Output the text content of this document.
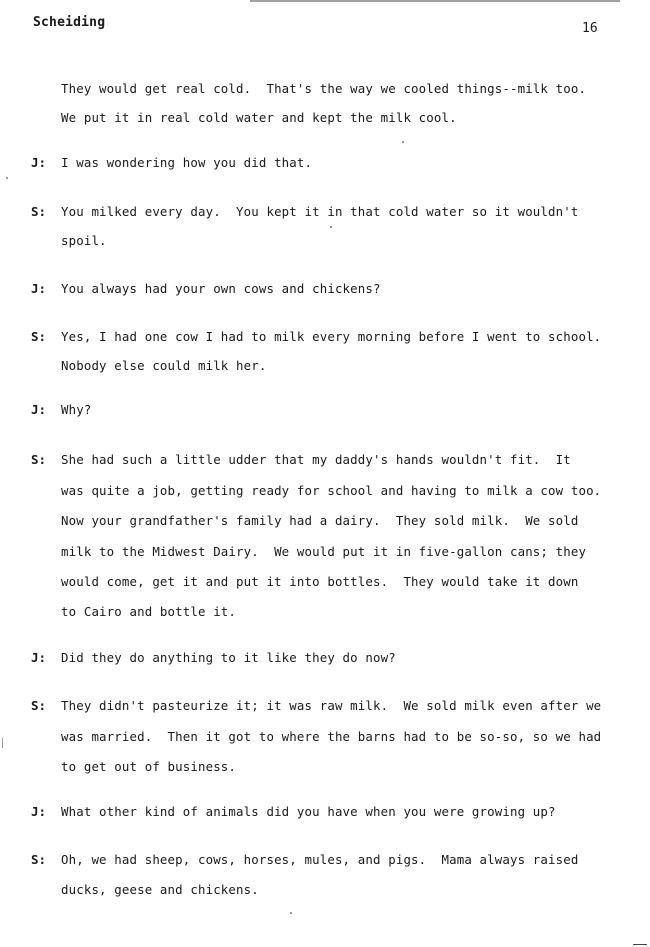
Scheiding	16
They would get real cold.  That's the way we cooled things--milk too.
We put it in real cold water and kept the milk cool.
J: I was wondering how you did that.
S: You milked every day.  You kept it in that cold water so it wouldn't
spoil.
J: You always had your own cows and chickens?
S: Yes, I had one cow I had to milk every morning before I went to school.
Nobody else could milk her.
J: Why?
S: She had such a little udder that my daddy's hands wouldn't fit.  It
was quite a job, getting ready for school and having to milk a cow too.
Now your grandfather's family had a dairy.  They sold milk.  We sold
milk to the Midwest Dairy.  We would put it in five-gallon cans; they
would come, get it and put it into bottles.  They would take it down
to Cairo and bottle it.
J: Did they do anything to it like they do now?
S: They didn't pasteurize it; it was raw milk.  We sold milk even after we
was married.  Then it got to where the barns had to be so-so, so we had
to get out of business.
J: What other kind of animals did you have when you were growing up?
S: Oh, we had sheep, cows, horses, mules, and pigs.  Mama always raised
ducks, geese and chickens.
